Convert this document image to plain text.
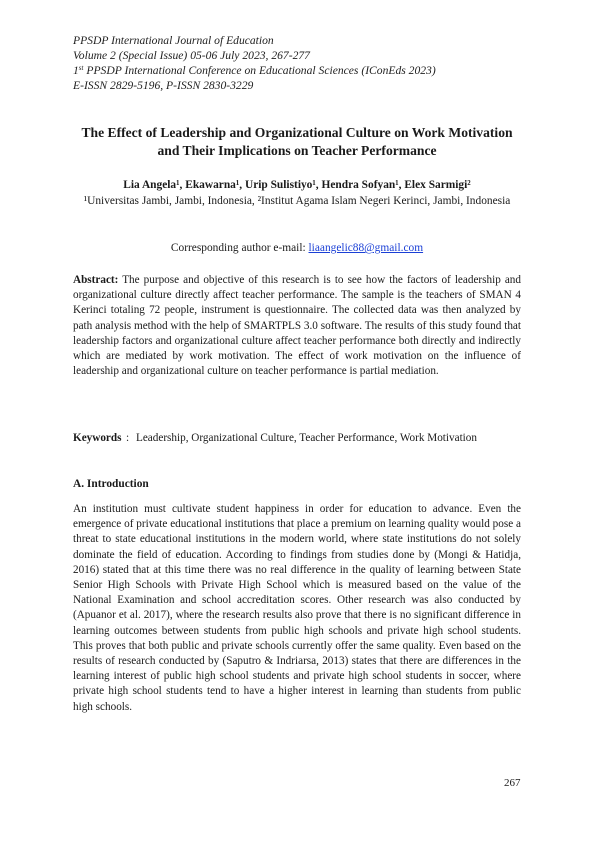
PPSDP International Journal of Education
Volume 2 (Special Issue) 05-06 July 2023, 267-277
1st PPSDP International Conference on Educational Sciences (IConEds 2023)
E-ISSN 2829-5196, P-ISSN 2830-3229
The Effect of Leadership and Organizational Culture on Work Motivation and Their Implications on Teacher Performance
Lia Angela¹, Ekawarna¹, Urip Sulistiyo¹, Hendra Sofyan¹, Elex Sarmigi²
¹Universitas Jambi, Jambi, Indonesia, ²Institut Agama Islam Negeri Kerinci, Jambi, Indonesia
Corresponding author e-mail: liaangelic88@gmail.com
Abstract: The purpose and objective of this research is to see how the factors of leadership and organizational culture directly affect teacher performance. The sample is the teachers of SMAN 4 Kerinci totaling 72 people, instrument is questionnaire. The collected data was then analyzed by path analysis method with the help of SMARTPLS 3.0 software. The results of this study found that leadership factors and organizational culture affect teacher performance both directly and indirectly which are mediated by work motivation. The effect of work motivation on the influence of leadership and organizational culture on teacher performance is partial mediation.
Keywords : Leadership, Organizational Culture, Teacher Performance, Work Motivation
A. Introduction
An institution must cultivate student happiness in order for education to advance. Even the emergence of private educational institutions that place a premium on learning quality would pose a threat to state educational institutions in the modern world, where state institutions do not solely dominate the field of education. According to findings from studies done by (Mongi & Hatidja, 2016) stated that at this time there was no real difference in the quality of learning between State Senior High Schools with Private High School which is measured based on the value of the National Examination and school accreditation scores. Other research was also conducted by (Apuanor et al. 2017), where the research results also prove that there is no significant difference in learning outcomes between students from public high schools and private high school students. This proves that both public and private schools currently offer the same quality. Even based on the results of research conducted by (Saputro & Indriarsa, 2013) states that there are differences in the learning interest of public high school students and private high school students in soccer, where private high school students tend to have a higher interest in learning than students from public high schools.
267
